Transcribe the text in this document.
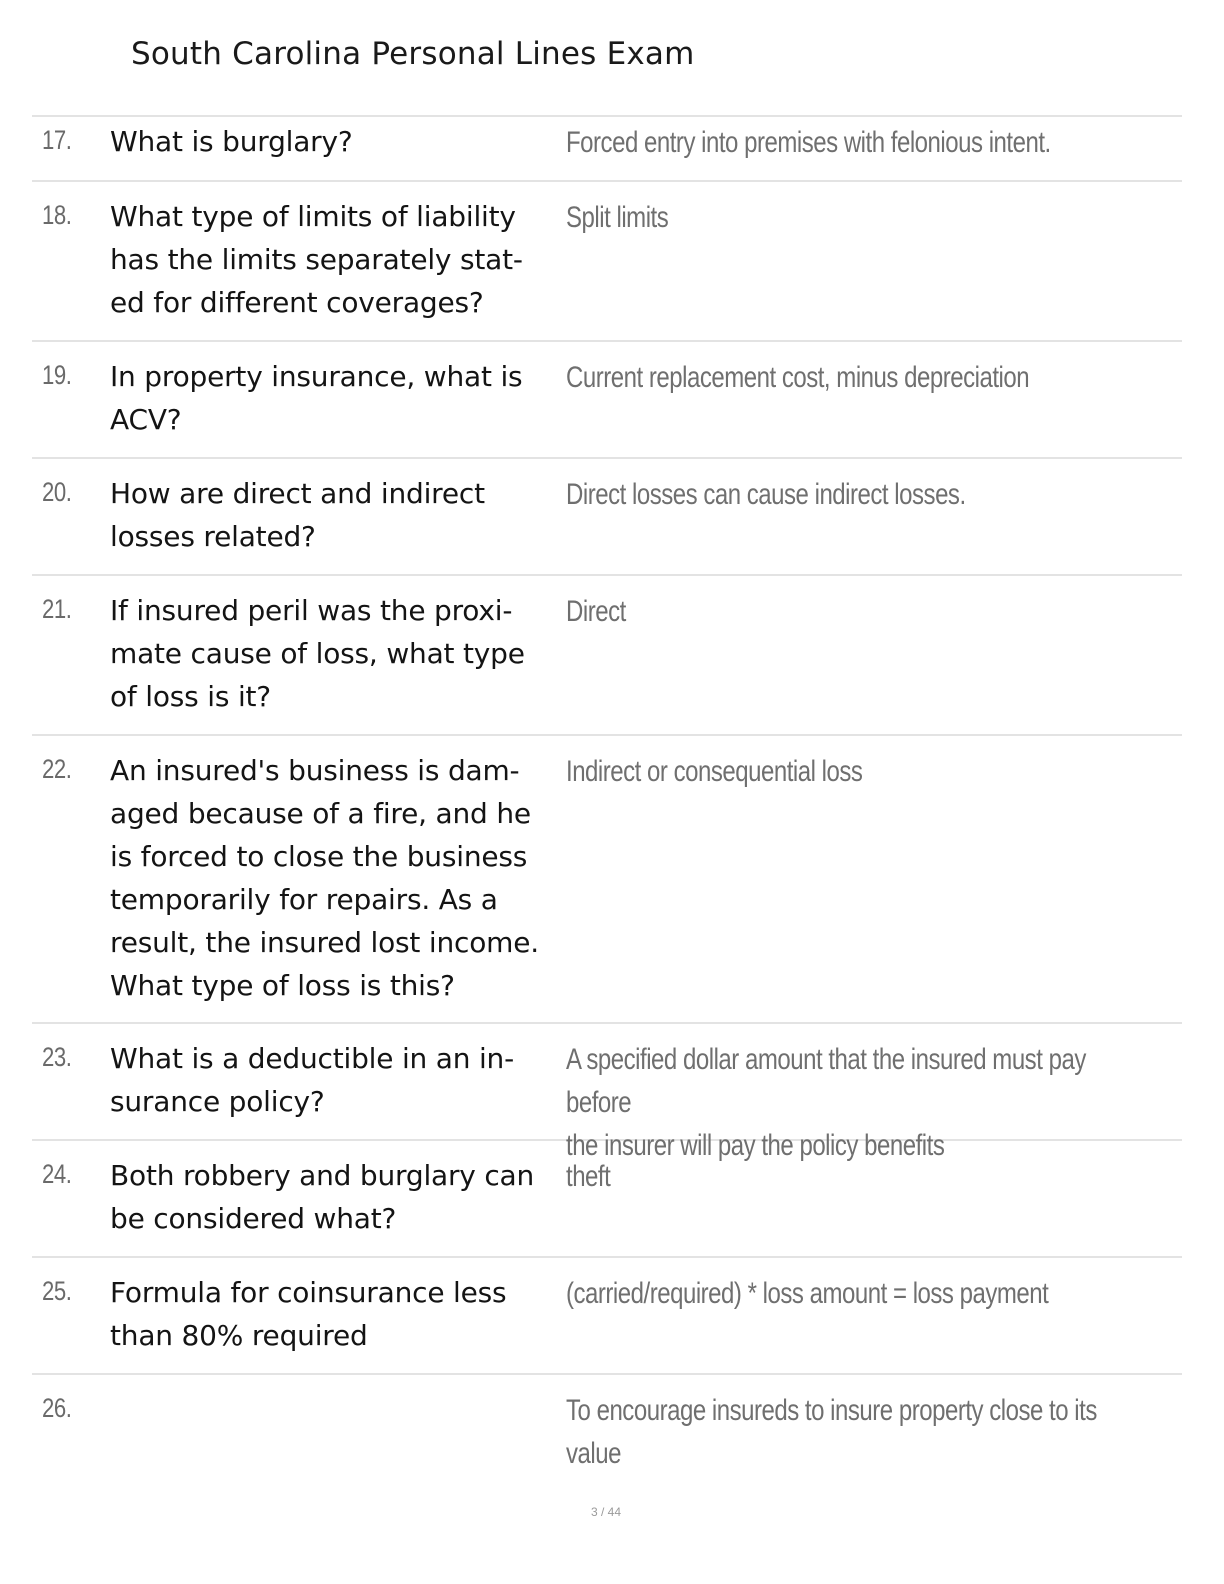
South Carolina Personal Lines Exam
17. What is burglary?	Forced entry into premises with felonious intent.
18. What type of limits of liability
has the limits separately stat-
ed for different coverages?
Split limits
19. In property insurance, what is
ACV?
Current replacement cost, minus depreciation
20. How are direct and indirect
losses related?
Direct losses can cause indirect losses.
21. If insured peril was the proxi-
mate cause of loss, what type
of loss is it?
Direct
22. An insured's business is dam-
aged because of a fire, and he
is forced to close the business
temporarily for repairs. As a
result, the insured lost income.
What type of loss is this?
Indirect or consequential loss
23. What is a deductible in an in-
surance policy?
A specified dollar amount that the insured must pay before
the insurer will pay the policy benefits
24. Both robbery and burglary can
be considered what?
theft
25. Formula for coinsurance less
than 80% required
(carried/required) * loss amount = loss payment
26.	To encourage insureds to insure property close to its value
3 / 44
